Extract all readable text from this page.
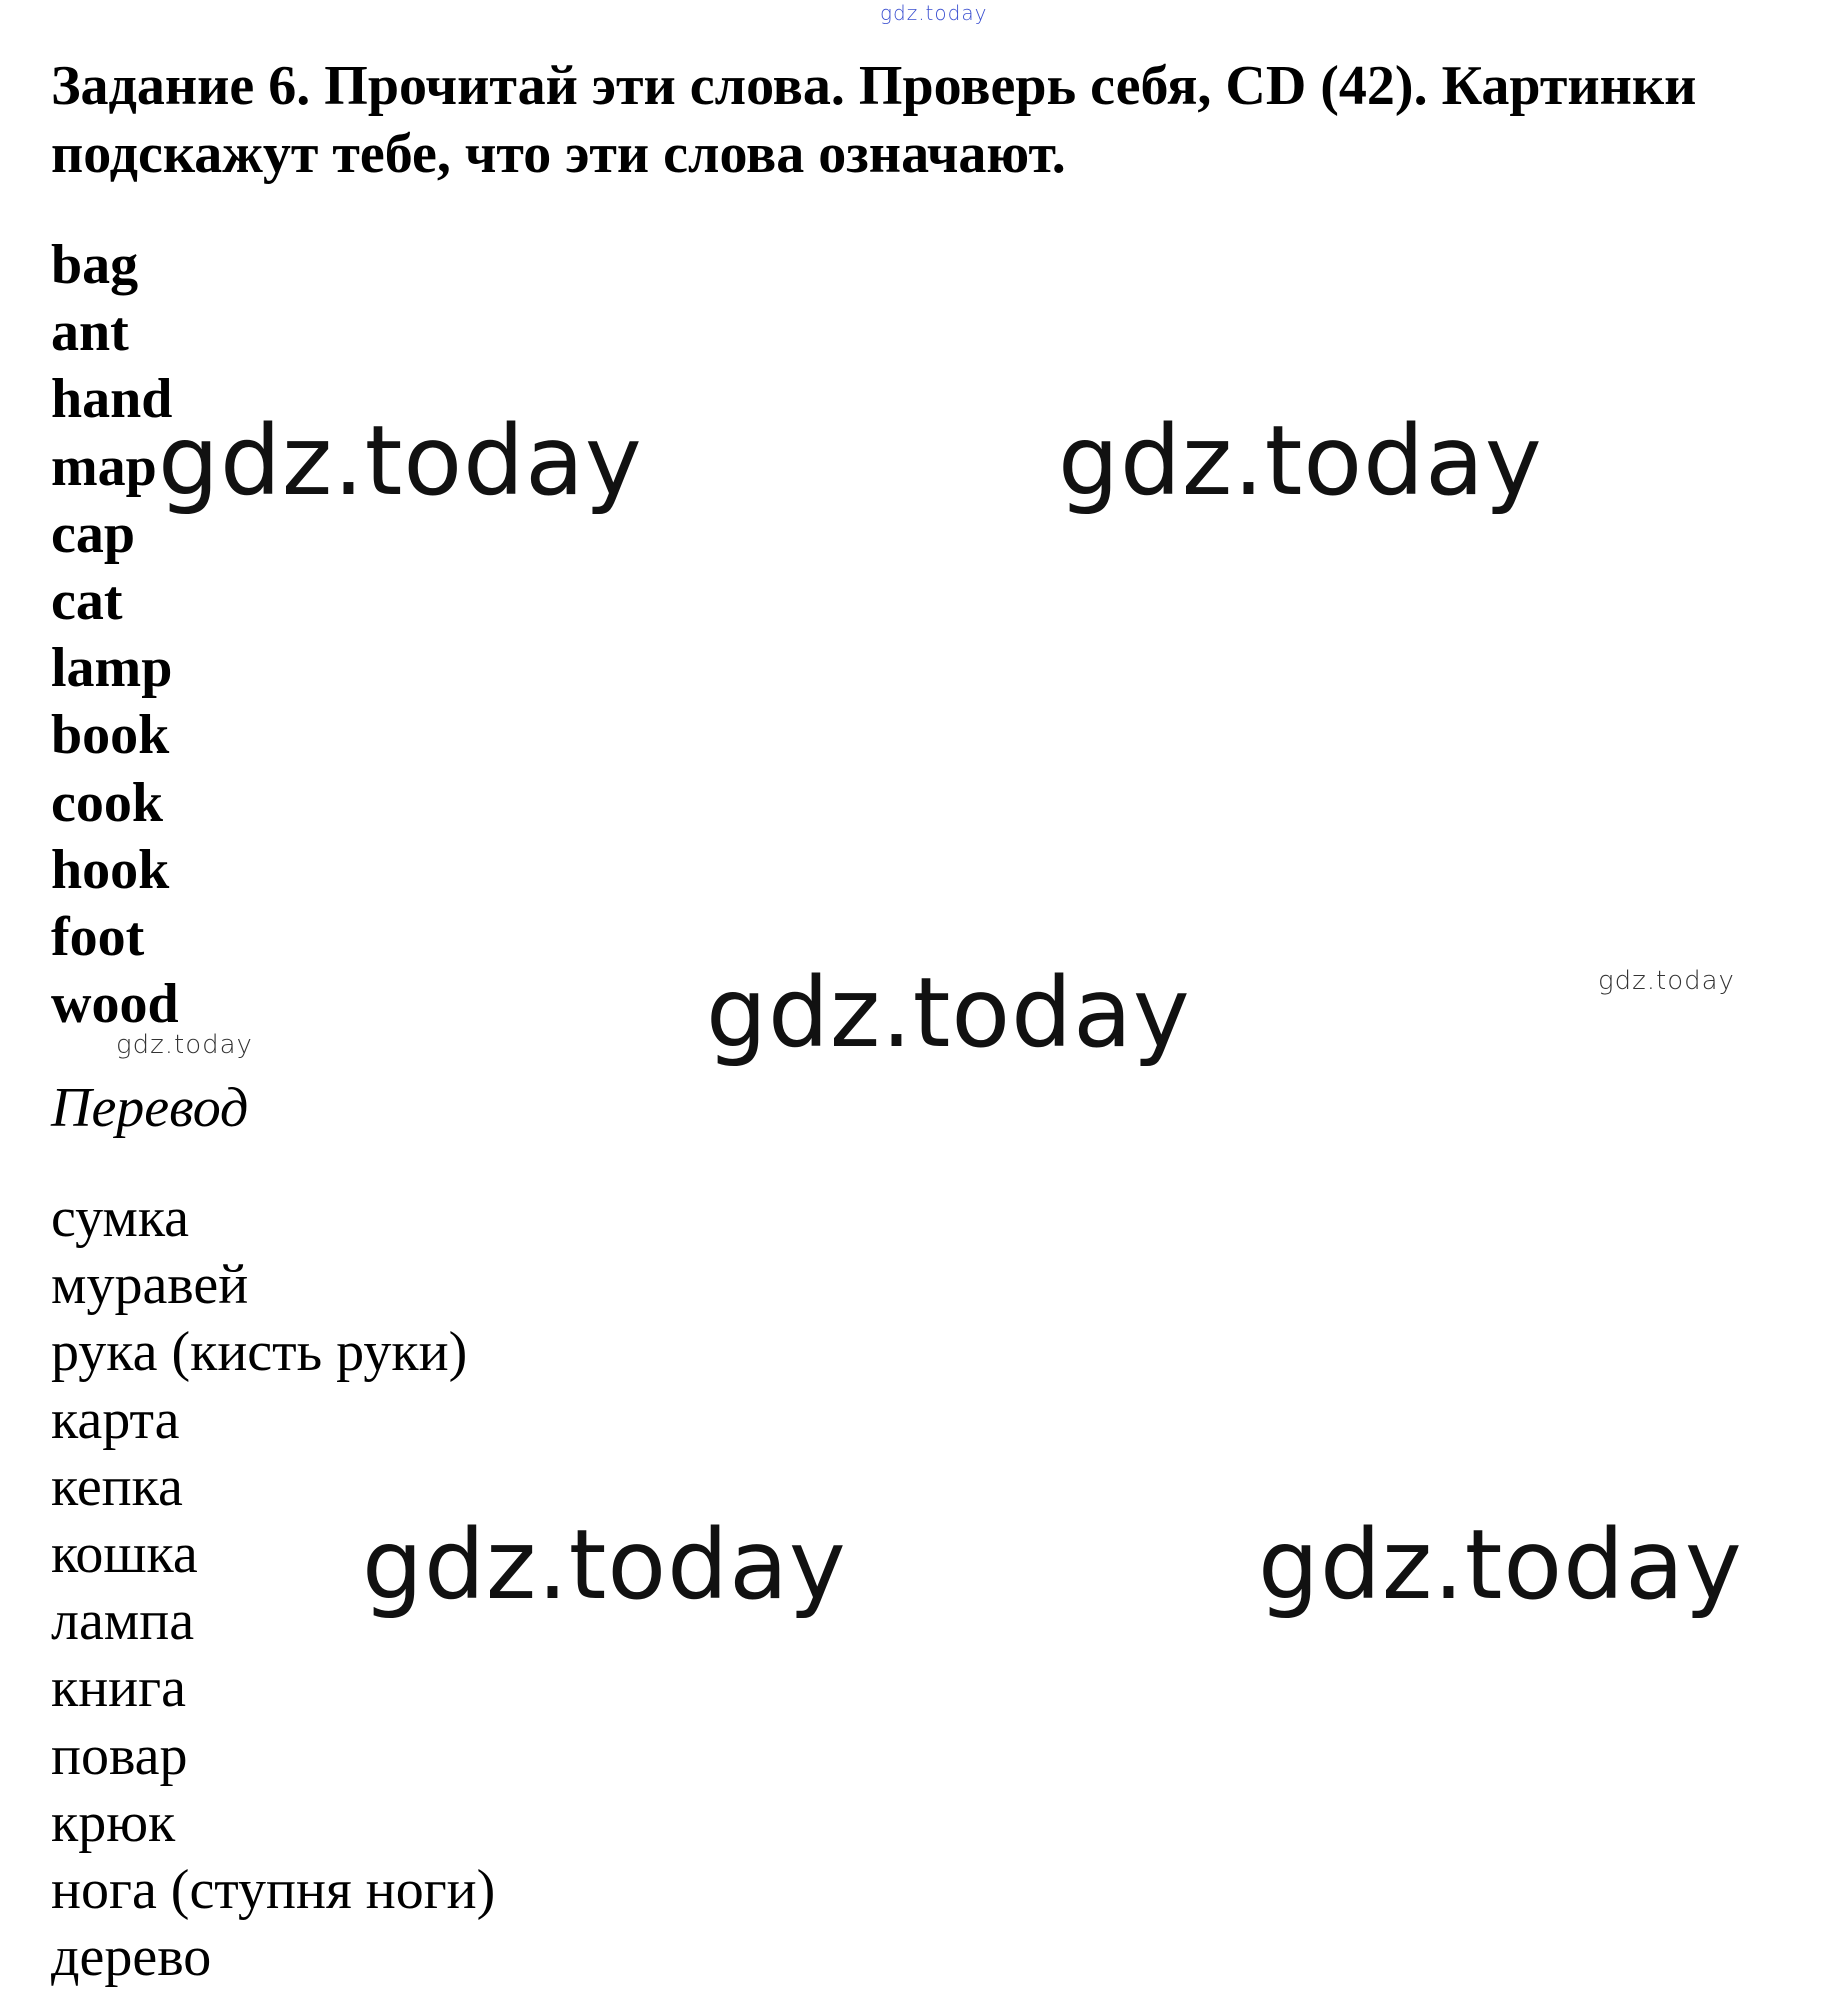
gdz.today
Задание 6. Прочитай эти слова. Проверь себя, CD (42). Картинки подскажут тебе, что эти слова означают.
bag
ant
hand
map
cap
cat
lamp
book
cook
hook
foot
wood
Перевод
сумка
муравей
рука (кисть руки)
карта
кепка
кошка
лампа
книга
повар
крюк
нога (ступня ноги)
дерево
gdz.today	gdz.today
gdz.today
gdz.today	gdz.today
gdz.today
gdz.today
